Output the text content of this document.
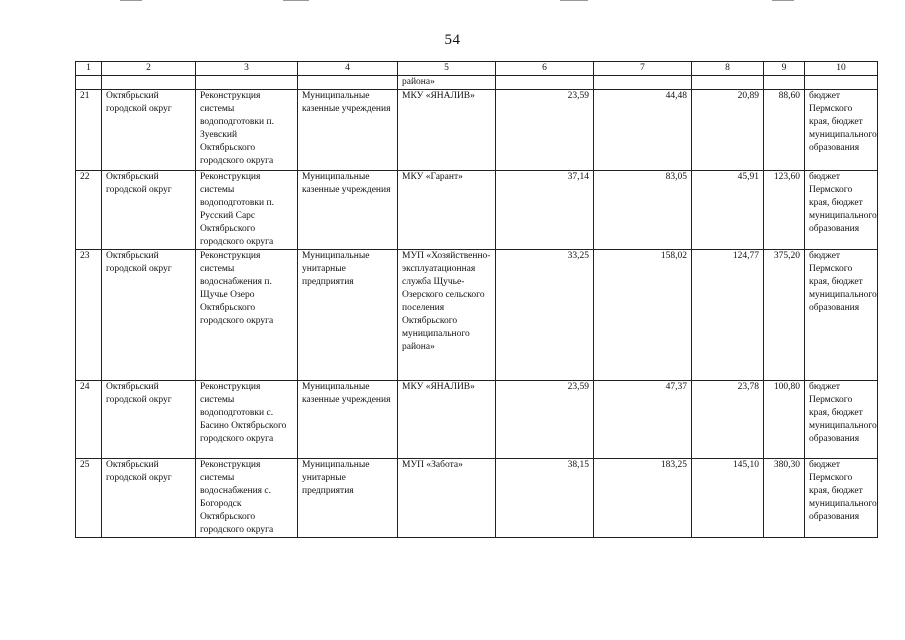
54
1	2	3	4	5	6	7	8	9	10
				района»					
21	Октябрьский городской округ	Реконструкция системы водоподготовки п. Зуевский Октябрьского городского округа	Муниципальные казенные учреждения	МКУ «ЯНАЛИВ»	23,59	44,48	20,89	88,60	бюджет Пермского края, бюджет муниципального образования
22	Октябрьский городской округ	Реконструкция системы водоподготовки п. Русский Сарс Октябрьского городского округа	Муниципальные казенные учреждения	МКУ «Гарант»	37,14	83,05	45,91	123,60	бюджет Пермского края, бюджет муниципального образования
23	Октябрьский городской округ	Реконструкция системы водоснабжения п. Щучье Озеро Октябрьского городского округа	Муниципальные унитарные предприятия	МУП «Хозяйственно-эксплуатационная служба Щучье-Озерского сельского поселения Октябрьского муниципального района»	33,25	158,02	124,77	375,20	бюджет Пермского края, бюджет муниципального образования
24	Октябрьский городской округ	Реконструкция системы водоподготовки с. Басино Октябрьского городского округа	Муниципальные казенные учреждения	МКУ «ЯНАЛИВ»	23,59	47,37	23,78	100,80	бюджет Пермского края, бюджет муниципального образования
25	Октябрьский городской округ	Реконструкция системы водоснабжения с. Богородск Октябрьского городского округа	Муниципальные унитарные предприятия	МУП «Забота»	38,15	183,25	145,10	380,30	бюджет Пермского края, бюджет муниципального образования
